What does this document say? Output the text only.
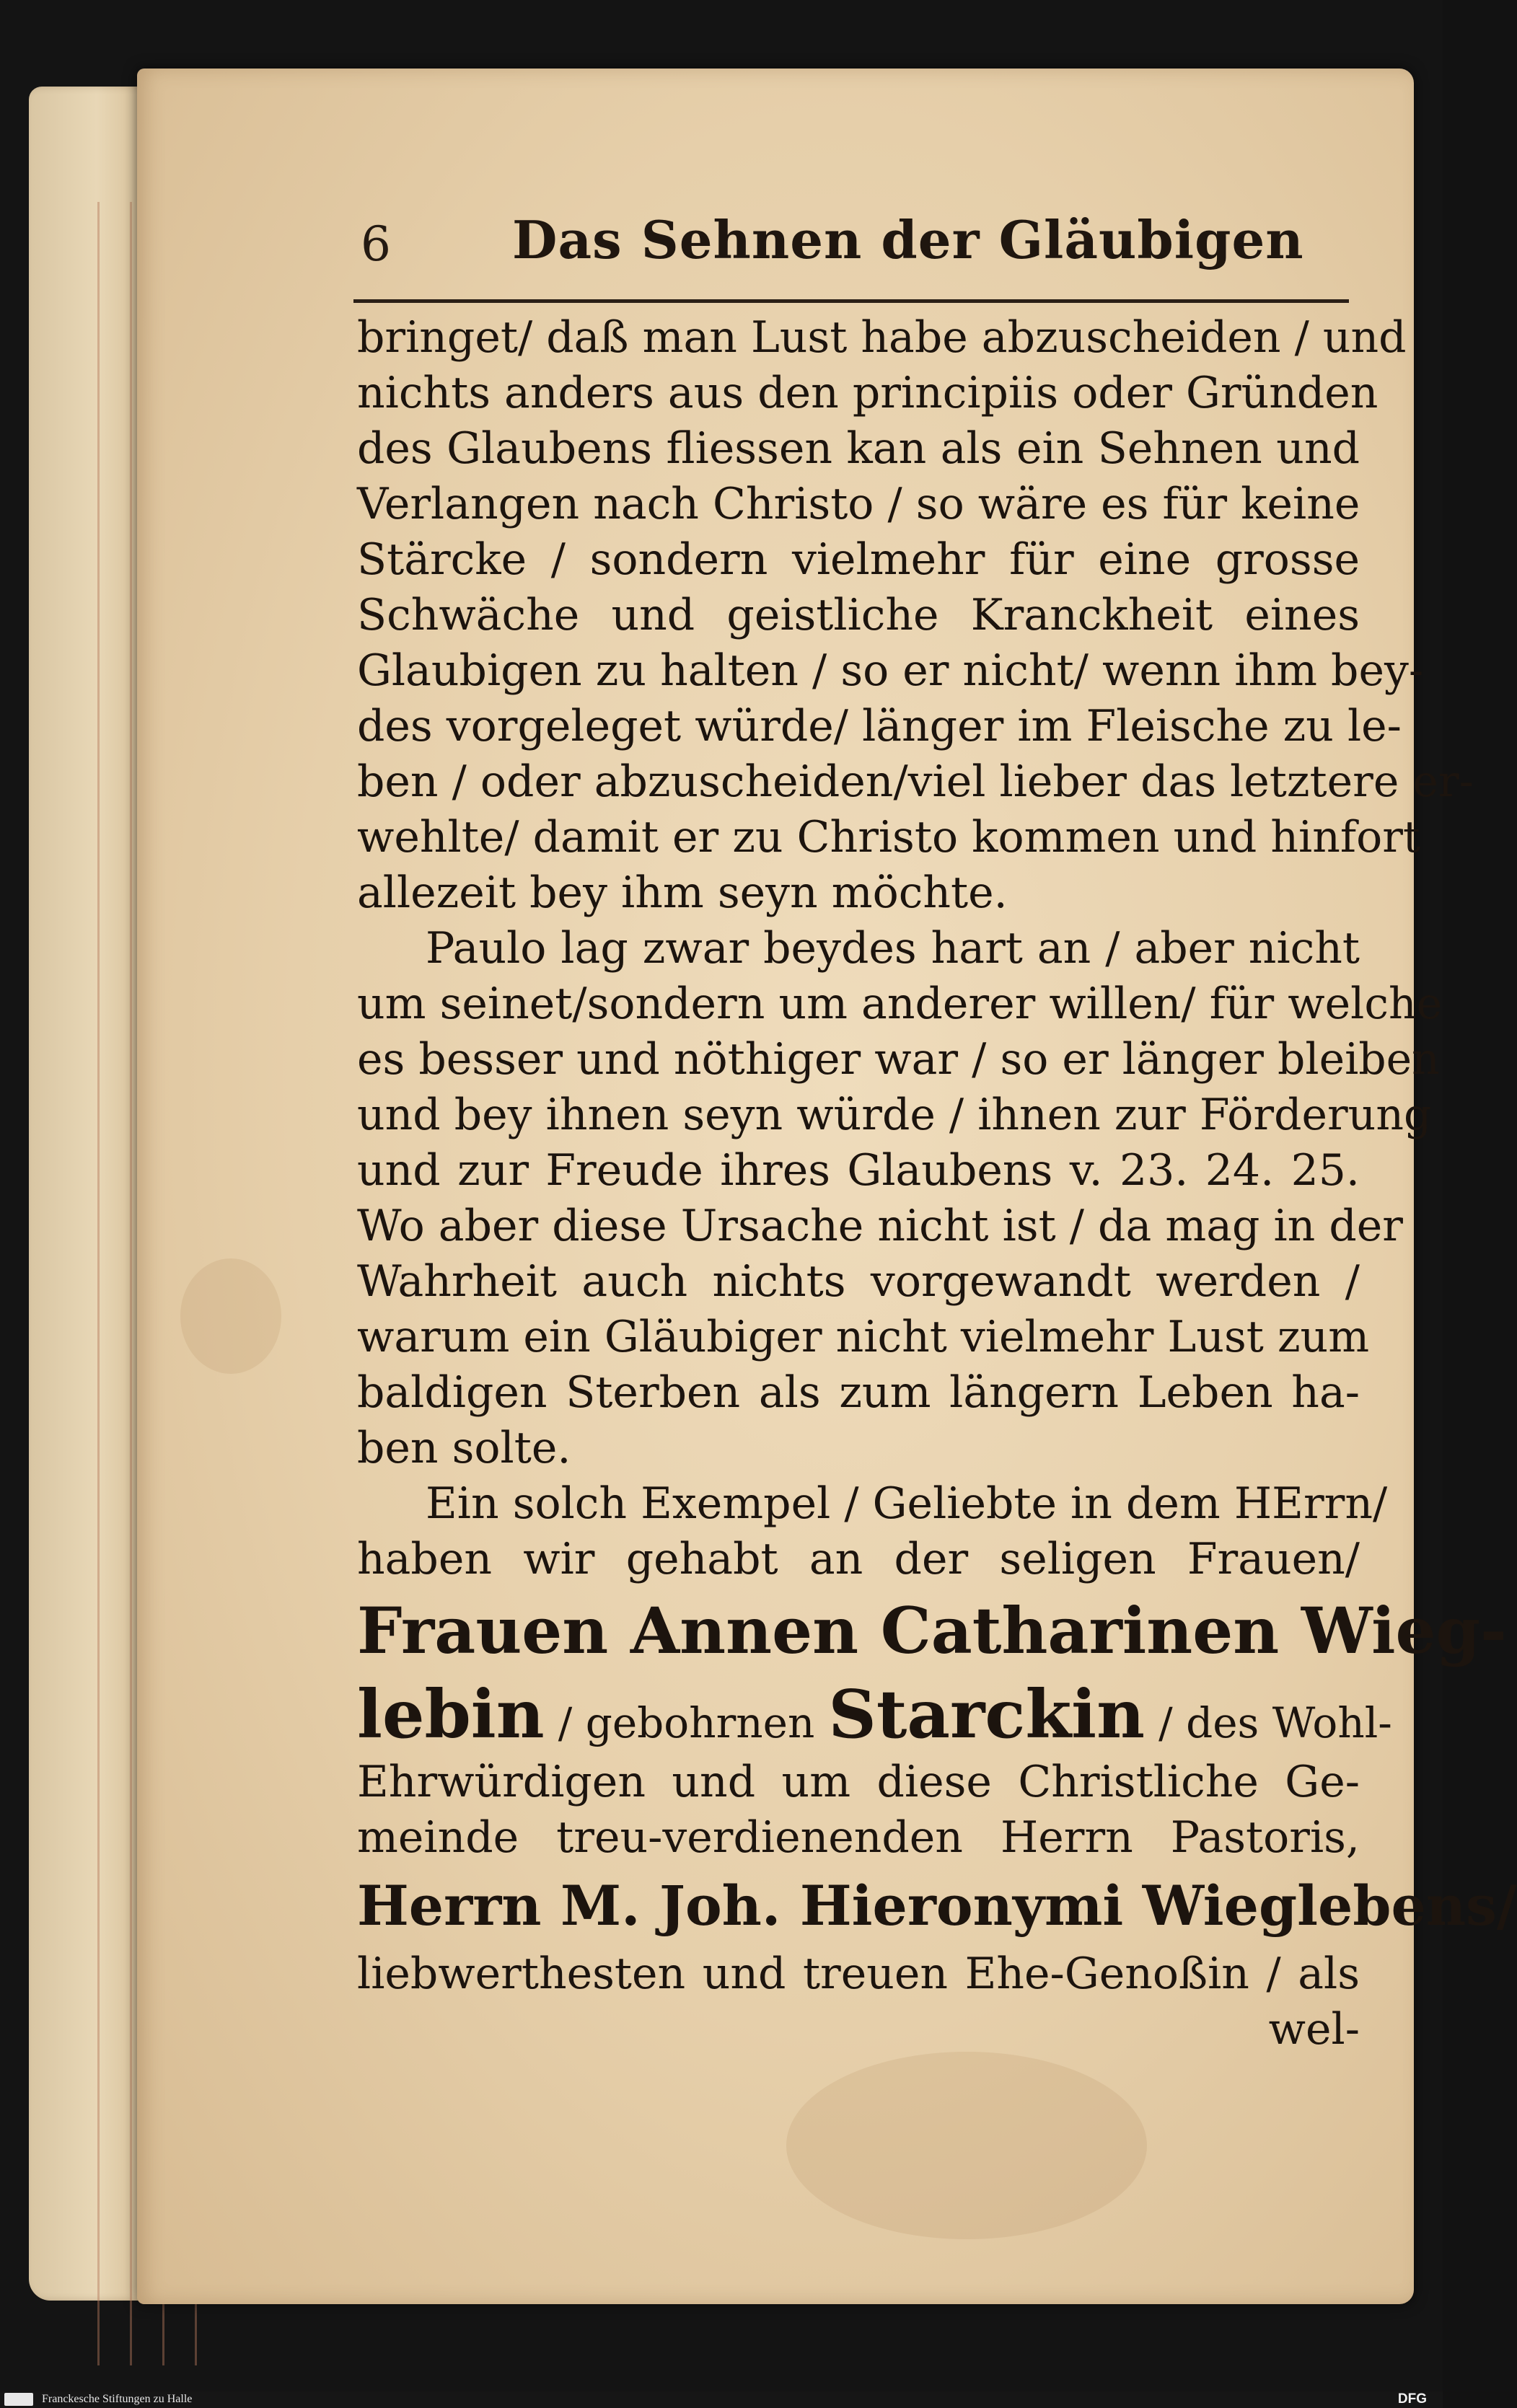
6 Das Sehnen der Gläubigen
bringet/ daß man Lust habe abzuscheiden / und
nichts anders aus den principiis oder Gründen
des Glaubens fliessen kan als ein Sehnen und
Verlangen nach Christo / so wäre es für keine
Stärcke / sondern vielmehr für eine grosse
Schwäche und geistliche Kranckheit eines
Glaubigen zu halten / so er nicht/ wenn ihm bey-
des vorgeleget würde/ länger im Fleische zu le-
ben / oder abzuscheiden/viel lieber das letztere er-
wehlte/ damit er zu Christo kommen und hinfort
allezeit bey ihm seyn möchte.
Paulo lag zwar beydes hart an / aber nicht
um seinet/sondern um anderer willen/ für welche
es besser und nöthiger war / so er länger bleiben
und bey ihnen seyn würde / ihnen zur Förderung
und zur Freude ihres Glaubens v. 23. 24. 25.
Wo aber diese Ursache nicht ist / da mag in der
Wahrheit auch nichts vorgewandt werden /
warum ein Gläubiger nicht vielmehr Lust zum
baldigen Sterben als zum längern Leben ha-
ben solte.
Ein solch Exempel / Geliebte in dem HErrn/
haben wir gehabt an der seligen Frauen/
Frauen Annen Catharinen Wieg-
lebin / gebohrnen Starckin / des Wohl-
Ehrwürdigen und um diese Christliche Ge-
meinde treu-verdienenden Herrn Pastoris,
Herrn M. Joh. Hieronymi Wieglebens/
liebwerthesten und treuen Ehe-Genoßin / als
wel-
Franckesche Stiftungen zu Halle	DFG
